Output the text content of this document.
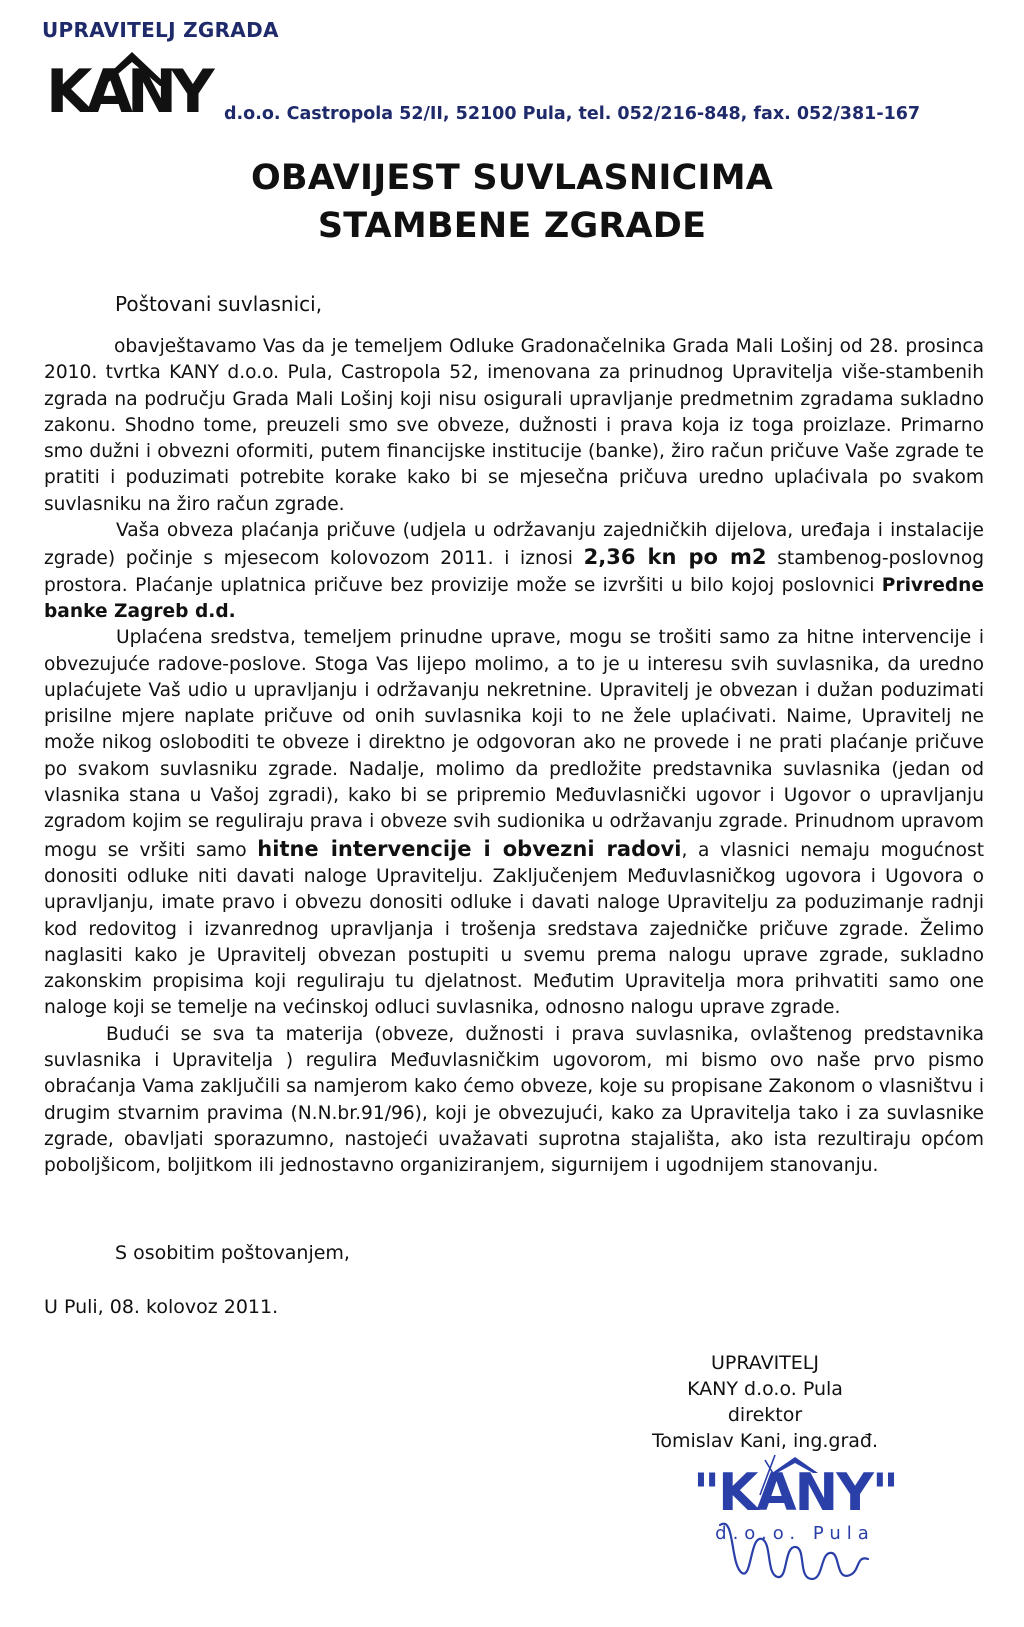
UPRAVITELJ ZGRADA
KANY d.o.o. Castropola 52/II, 52100 Pula, tel. 052/216-848, fax. 052/381-167
OBAVIJEST SUVLASNICIMA
STAMBENE ZGRADE
Poštovani suvlasnici,

obavještavamo Vas da je temeljem Odluke Gradonačelnika Grada Mali Lošinj od 28. prosinca 2010. tvrtka KANY d.o.o. Pula, Castropola 52, imenovana za prinudnog Upravitelja više-stambenih zgrada na području Grada Mali Lošinj koji nisu osigurali upravljanje predmetnim zgradama sukladno zakonu. Shodno tome, preuzeli smo sve obveze, dužnosti i prava koja iz toga proizlaze. Primarno smo dužni i obvezni oformiti, putem financijske institucije (banke), žiro račun pričuve Vaše zgrade te pratiti i poduzimati potrebite korake kako bi se mjesečna pričuva uredno uplaćivala po svakom suvlasniku na žiro račun zgrade.

Vaša obveza plaćanja pričuve (udjela u održavanju zajedničkih dijelova, uređaja i instalacije zgrade) počinje s mjesecom kolovozom 2011. i iznosi 2,36 kn po m2 stambenog-poslovnog prostora. Plaćanje uplatnica pričuve bez provizije može se izvršiti u bilo kojoj poslovnici Privredne banke Zagreb d.d.

Uplaćena sredstva, temeljem prinudne uprave, mogu se trošiti samo za hitne intervencije i obvezujuće radove-poslove. Stoga Vas lijepo molimo, a to je u interesu svih suvlasnika, da uredno uplaćujete Vaš udio u upravljanju i održavanju nekretnine. Upravitelj je obvezan i dužan poduzimati prisilne mjere naplate pričuve od onih suvlasnika koji to ne žele uplaćivati. Naime, Upravitelj ne može nikog osloboditi te obveze i direktno je odgovoran ako ne provede i ne prati plaćanje pričuve po svakom suvlasniku zgrade. Nadalje, molimo da predložite predstavnika suvlasnika (jedan od vlasnika stana u Vašoj zgradi), kako bi se pripremio Međuvlasnički ugovor i Ugovor o upravljanju zgradom kojim se reguliraju prava i obveze svih sudionika u održavanju zgrade. Prinudnom upravom mogu se vršiti samo hitne intervencije i obvezni radovi, a vlasnici nemaju mogućnost donositi odluke niti davati naloge Upravitelju. Zaključenjem Međuvlasničkog ugovora i Ugovora o upravljanju, imate pravo i obvezu donositi odluke i davati naloge Upravitelju za poduzimanje radnji kod redovitog i izvanrednog upravljanja i trošenja sredstava zajedničke pričuve zgrade. Želimo naglasiti kako je Upravitelj obvezan postupiti u svemu prema nalogu uprave zgrade, sukladno zakonskim propisima koji reguliraju tu djelatnost. Međutim Upravitelja mora prihvatiti samo one naloge koji se temelje na većinskoj odluci suvlasnika, odnosno nalogu uprave zgrade.

Budući se sva ta materija (obveze, dužnosti i prava suvlasnika, ovlaštenog predstavnika suvlasnika i Upravitelja ) regulira Međuvlasničkim ugovorom, mi bismo ovo naše prvo pismo obraćanja Vama zaključili sa namjerom kako ćemo obveze, koje su propisane Zakonom o vlasništvu i drugim stvarnim pravima (N.N.br.91/96), koji je obvezujući, kako za Upravitelja tako i za suvlasnike zgrade, obavljati sporazumno, nastojeći uvažavati suprotna stajališta, ako ista rezultiraju općom poboljšicom, boljitkom ili jednostavno organiziranjem, sigurnijem i ugodnijem stanovanju.

S osobitim poštovanjem,
U Puli, 08. kolovoz 2011.
UPRAVITELJ
KANY d.o.o. Pula
direktor
Tomislav Kani, ing.građ.
"KANY"
d.o.o. Pula
